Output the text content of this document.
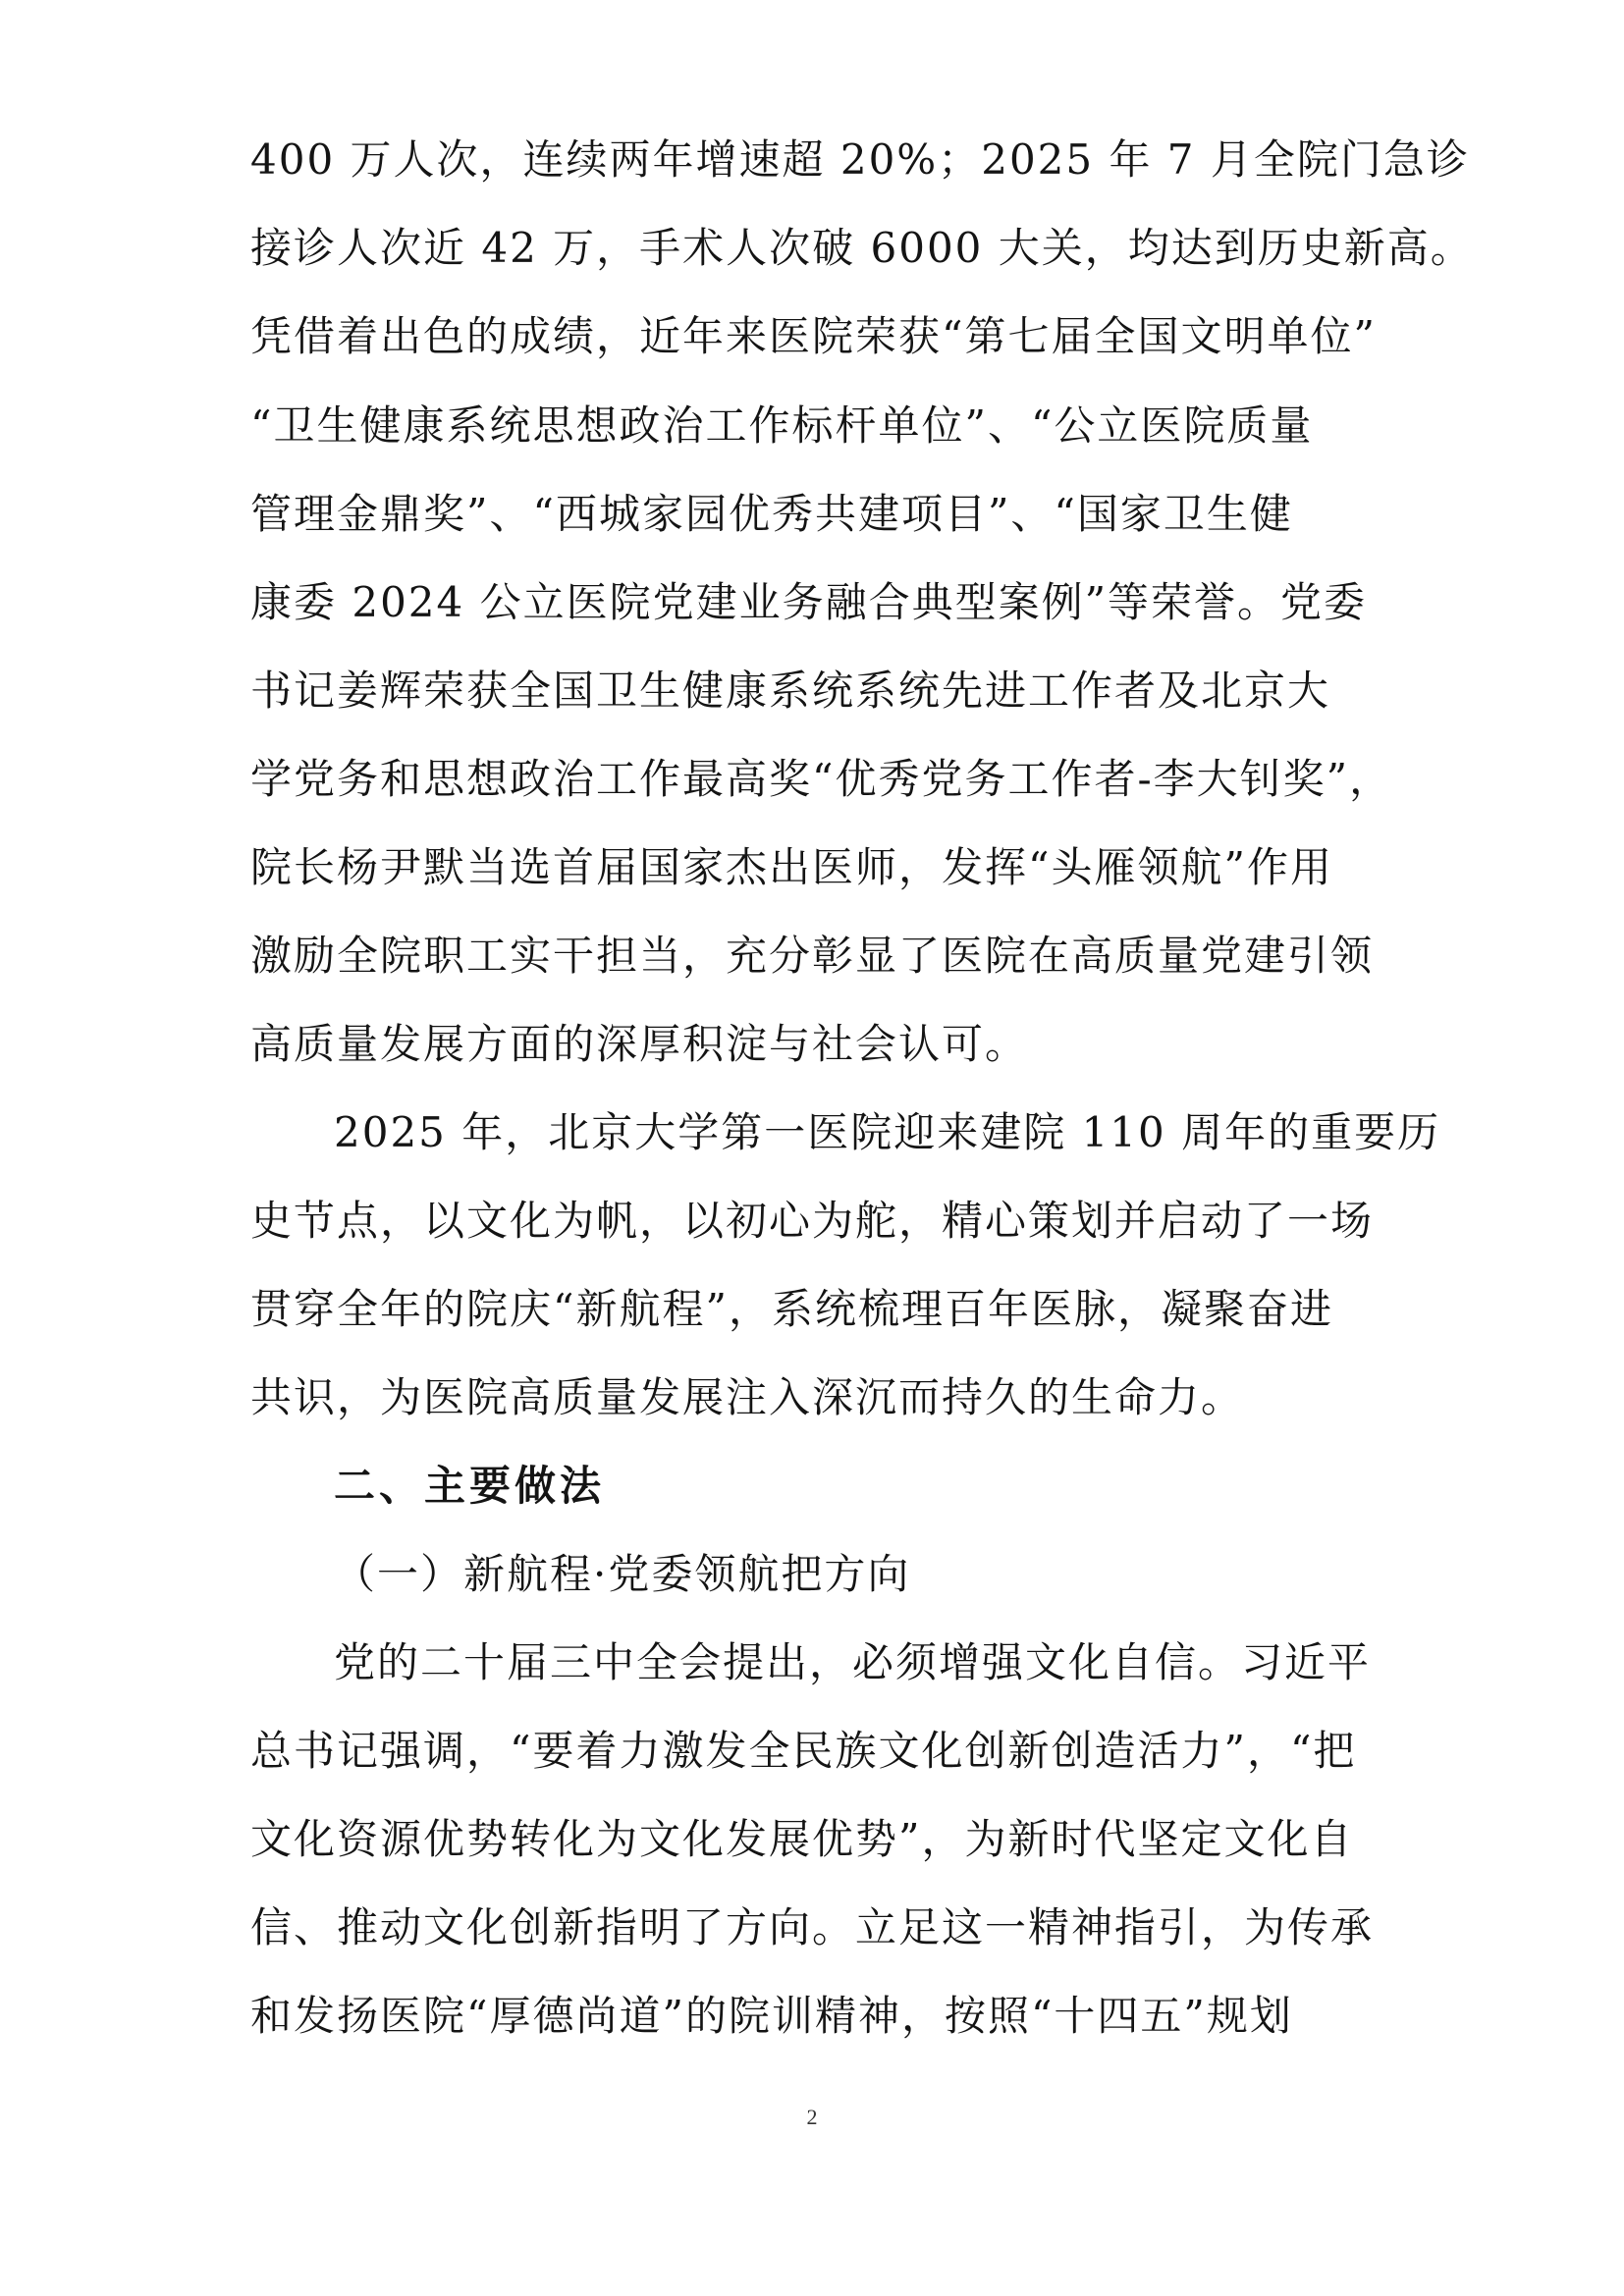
400 万人次，连续两年增速超 20%；2025 年 7 月全院门急诊
接诊人次近 42 万，手术人次破 6000 大关，均达到历史新高。
凭借着出色的成绩，近年来医院荣获“第七届全国文明单位”
“卫生健康系统思想政治工作标杆单位”、“公立医院质量
管理金鼎奖”、“西城家园优秀共建项目”、“国家卫生健
康委 2024 公立医院党建业务融合典型案例”等荣誉。党委
书记姜辉荣获全国卫生健康系统系统先进工作者及北京大
学党务和思想政治工作最高奖“优秀党务工作者-李大钊奖”，
院长杨尹默当选首届国家杰出医师，发挥“头雁领航”作用
激励全院职工实干担当，充分彰显了医院在高质量党建引领
高质量发展方面的深厚积淀与社会认可。
2025 年，北京大学第一医院迎来建院 110 周年的重要历
史节点，以文化为帆，以初心为舵，精心策划并启动了一场
贯穿全年的院庆“新航程”，系统梳理百年医脉，凝聚奋进
共识，为医院高质量发展注入深沉而持久的生命力。
二、主要做法
（一）新航程·党委领航把方向
党的二十届三中全会提出，必须增强文化自信。习近平
总书记强调，“要着力激发全民族文化创新创造活力”，“把
文化资源优势转化为文化发展优势”，为新时代坚定文化自
信、推动文化创新指明了方向。立足这一精神指引，为传承
和发扬医院“厚德尚道”的院训精神，按照“十四五”规划
2
